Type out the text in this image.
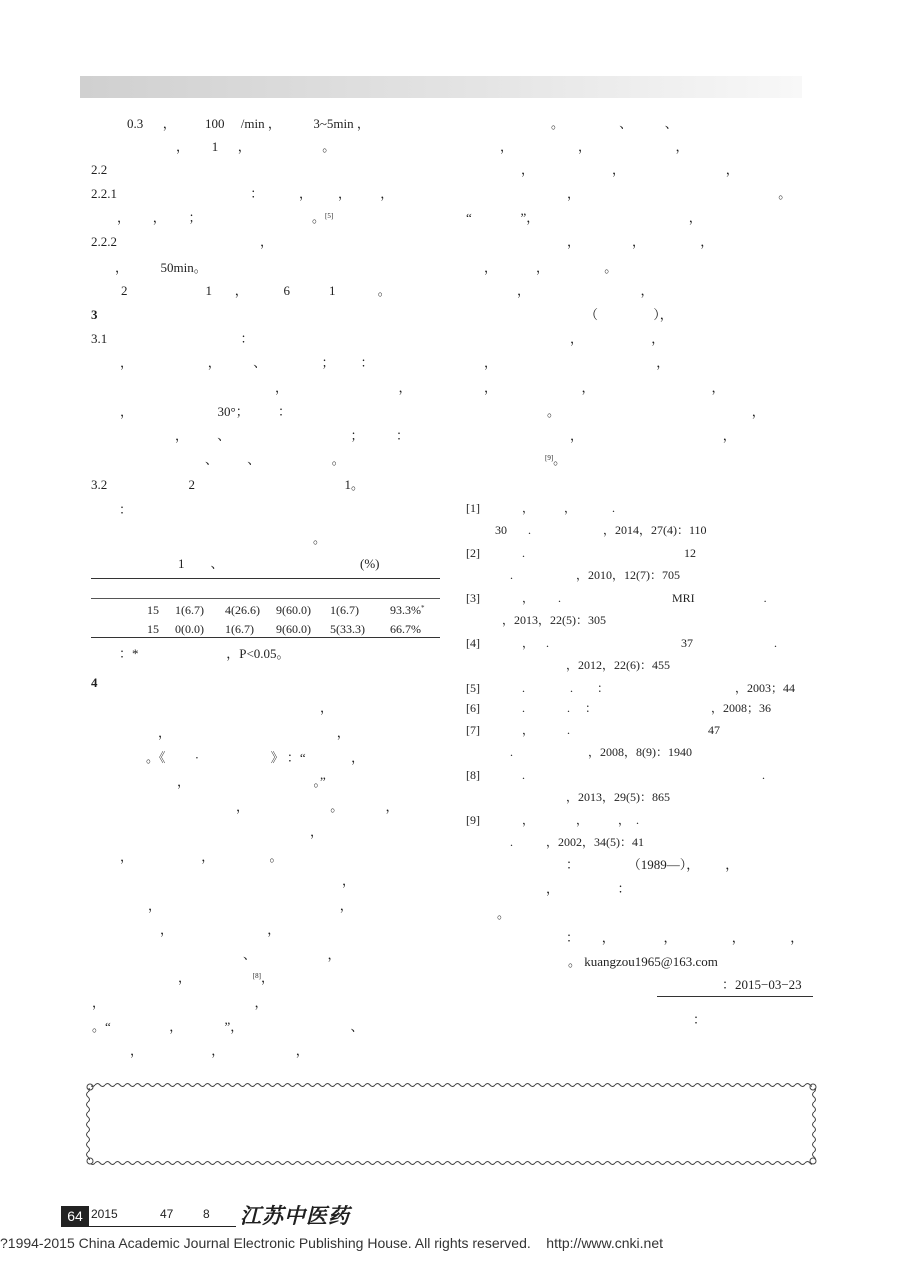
0.3      ，         100     /min ，          3~5min ，
，       1      ，                      。
2.2
2.2.1                                         ：           ，        ，         ，
，       ，       ；                                  。[5]
2.2.2                                            ，
，          50min。
2                        1       ，           6            1             。
3
3.1                                         ：
，                       ，          、                 ；        ：
，                                  ，
，                          30°；         ：
，         、                                     ；          ：
、         、                      。
3.2                         2                                              1。
：
。
1        、                                          (%)
15 1(6.7) 4(26.6) 9(60.0) 1(6.7)	93.3%*
15 0(0.0) 1(6.7) 9(60.0) 5(33.3) 66.7%
：*                           ，P<0.05。
4
，
，                                                   ，
。《         ·                      》 ：“              ，
，                                      。”
，                         。             ，
，
，                     ，                 。
，
，                                                       ，
，                             ，
、                      ，
，                   [8]，
，                                              ，
。“                  ，             ”，                                 、
，                     ，                      ，
。                 、          、
，                    ，                          ，
，                        ，                               ，
，                                                             。
“               ”，                                              ，
，                ，                 ，
，            ，                 。
，                                  ，
（                 ），
，                     ，
，                                                 ，
，                          ，                                    ，
。                                                           ，
，                                           ，
[9]。
[1]              ，          ，            .
30       .                        ，2014，27(4)：110
[2]              .                                                     12
.                     ，2010，12(7)：705
[3]              ，        .                                     MRI                       .
，2013，22(5)：305
[4]              ，    .                                            37                           .
，2012，22(6)：455
[5]              .               .        ：                                          ，2003；44
[6]              .              .     ：                                      ，2008；36
[7]              ，           .                                              47
.                         ，2008，8(9)：1940
[8]              .                                                                               .
，2013，29(5)：865
[9]              ，              ，          ，  .
.           ，2002，34(5)：41
：               （1989—），        ，
，                  ：
。
：       ，               ，                 ，              ，
。 kuangzou1965@163.com
：2015−03−23
：
64 2015	47 8 江苏中医药
?1994-2015 China Academic Journal Electronic Publishing House. All rights reserved.    http://www.cnki.net
